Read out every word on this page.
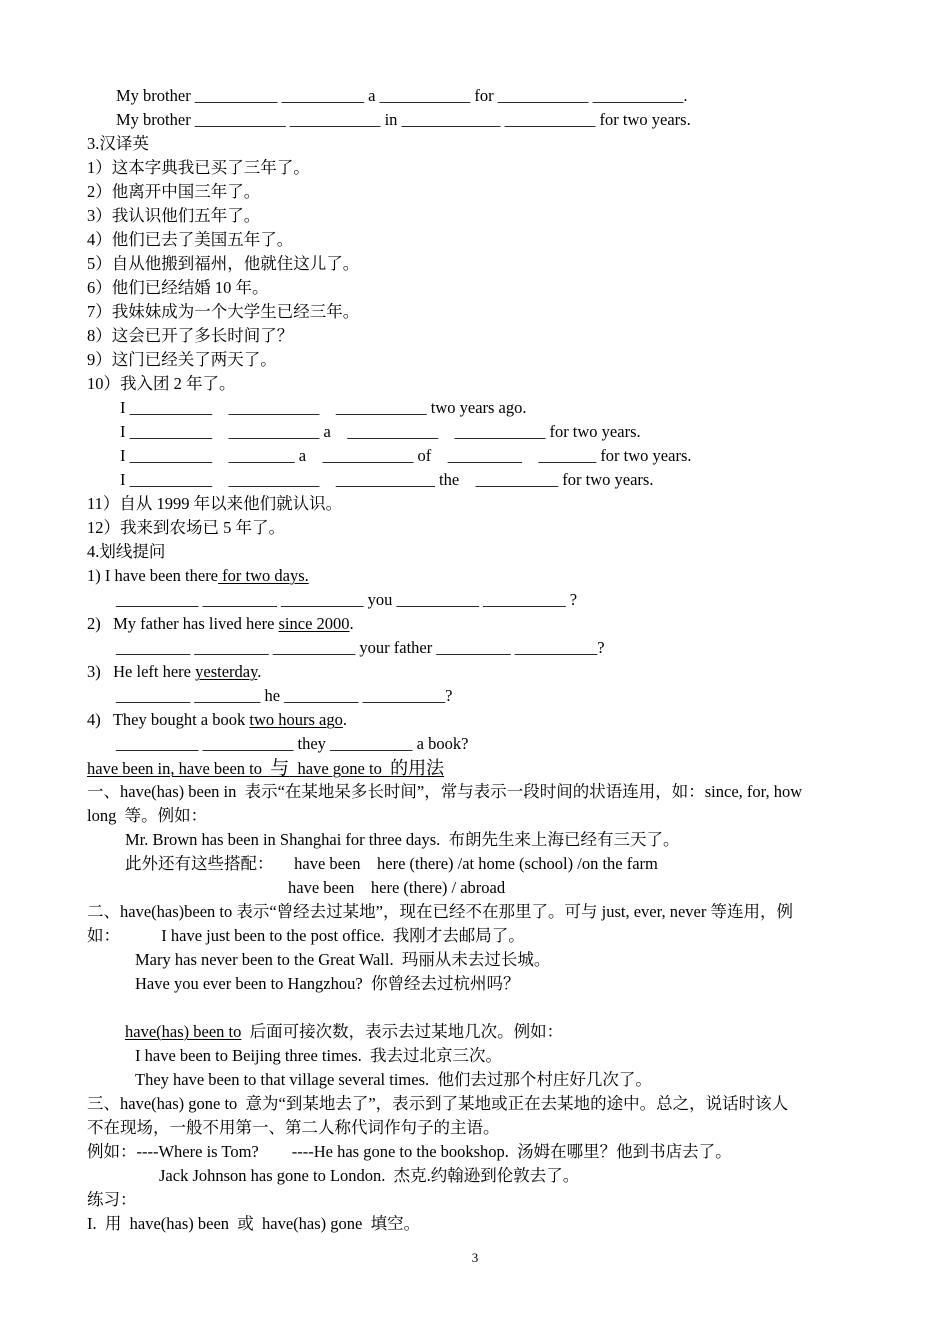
My brother __________ __________ a ___________ for ___________ ___________.
My brother ___________ ___________ in ____________ ___________ for two years.
3.汉译英
1）这本字典我已买了三年了。
2）他离开中国三年了。
3）我认识他们五年了。
4）他们已去了美国五年了。
5）自从他搬到福州，他就住这儿了。
6）他们已经结婚 10 年。
7）我妹妹成为一个大学生已经三年。
8）这会已开了多长时间了？
9）这门已经关了两天了。
10）我入团 2 年了。
I __________    ___________    ___________ two years ago.
I __________    ___________ a    ___________    ___________ for two years.
I __________    ________ a    ___________ of    _________    _______ for two years.
I __________    ___________    ____________ the    __________ for two years.
11）自从 1999 年以来他们就认识。
12）我来到农场已 5 年了。
4.划线提问
1) I have been there for two days.
__________ _________ __________ you __________ __________ ?
2)   My father has lived here since 2000.
_________ _________ __________ your father _________ __________?
3)   He left here yesterday.
_________ ________ he _________ __________?
4)   They bought a book two hours ago.
__________ ___________ they __________ a book?
have been in, have been to  与  have gone to  的用法
一、have(has) been in  表示“在某地呆多长时间”，常与表示一段时间的状语连用，如：since, for, how
long  等。例如：
Mr. Brown has been in Shanghai for three days.  布朗先生来上海已经有三天了。
此外还有这些搭配：     have been    here (there) /at home (school) /on the farm
have been    here (there) / abroad
二、have(has)been to 表示“曾经去过某地”，现在已经不在那里了。可与 just, ever, never 等连用，例
如：          I have just been to the post office.  我刚才去邮局了。
Mary has never been to the Great Wall.  玛丽从未去过长城。
Have you ever been to Hangzhou?  你曾经去过杭州吗？
have(has) been to  后面可接次数，表示去过某地几次。例如：
I have been to Beijing three times.  我去过北京三次。
They have been to that village several times.  他们去过那个村庄好几次了。
三、have(has) gone to  意为“到某地去了”，表示到了某地或正在去某地的途中。总之，说话时该人
不在现场，一般不用第一、第二人称代词作句子的主语。
例如：----Where is Tom?        ----He has gone to the bookshop.  汤姆在哪里？他到书店去了。
Jack Johnson has gone to London.  杰克.约翰逊到伦敦去了。
练习：
I.  用  have(has) been  或  have(has) gone  填空。
3
